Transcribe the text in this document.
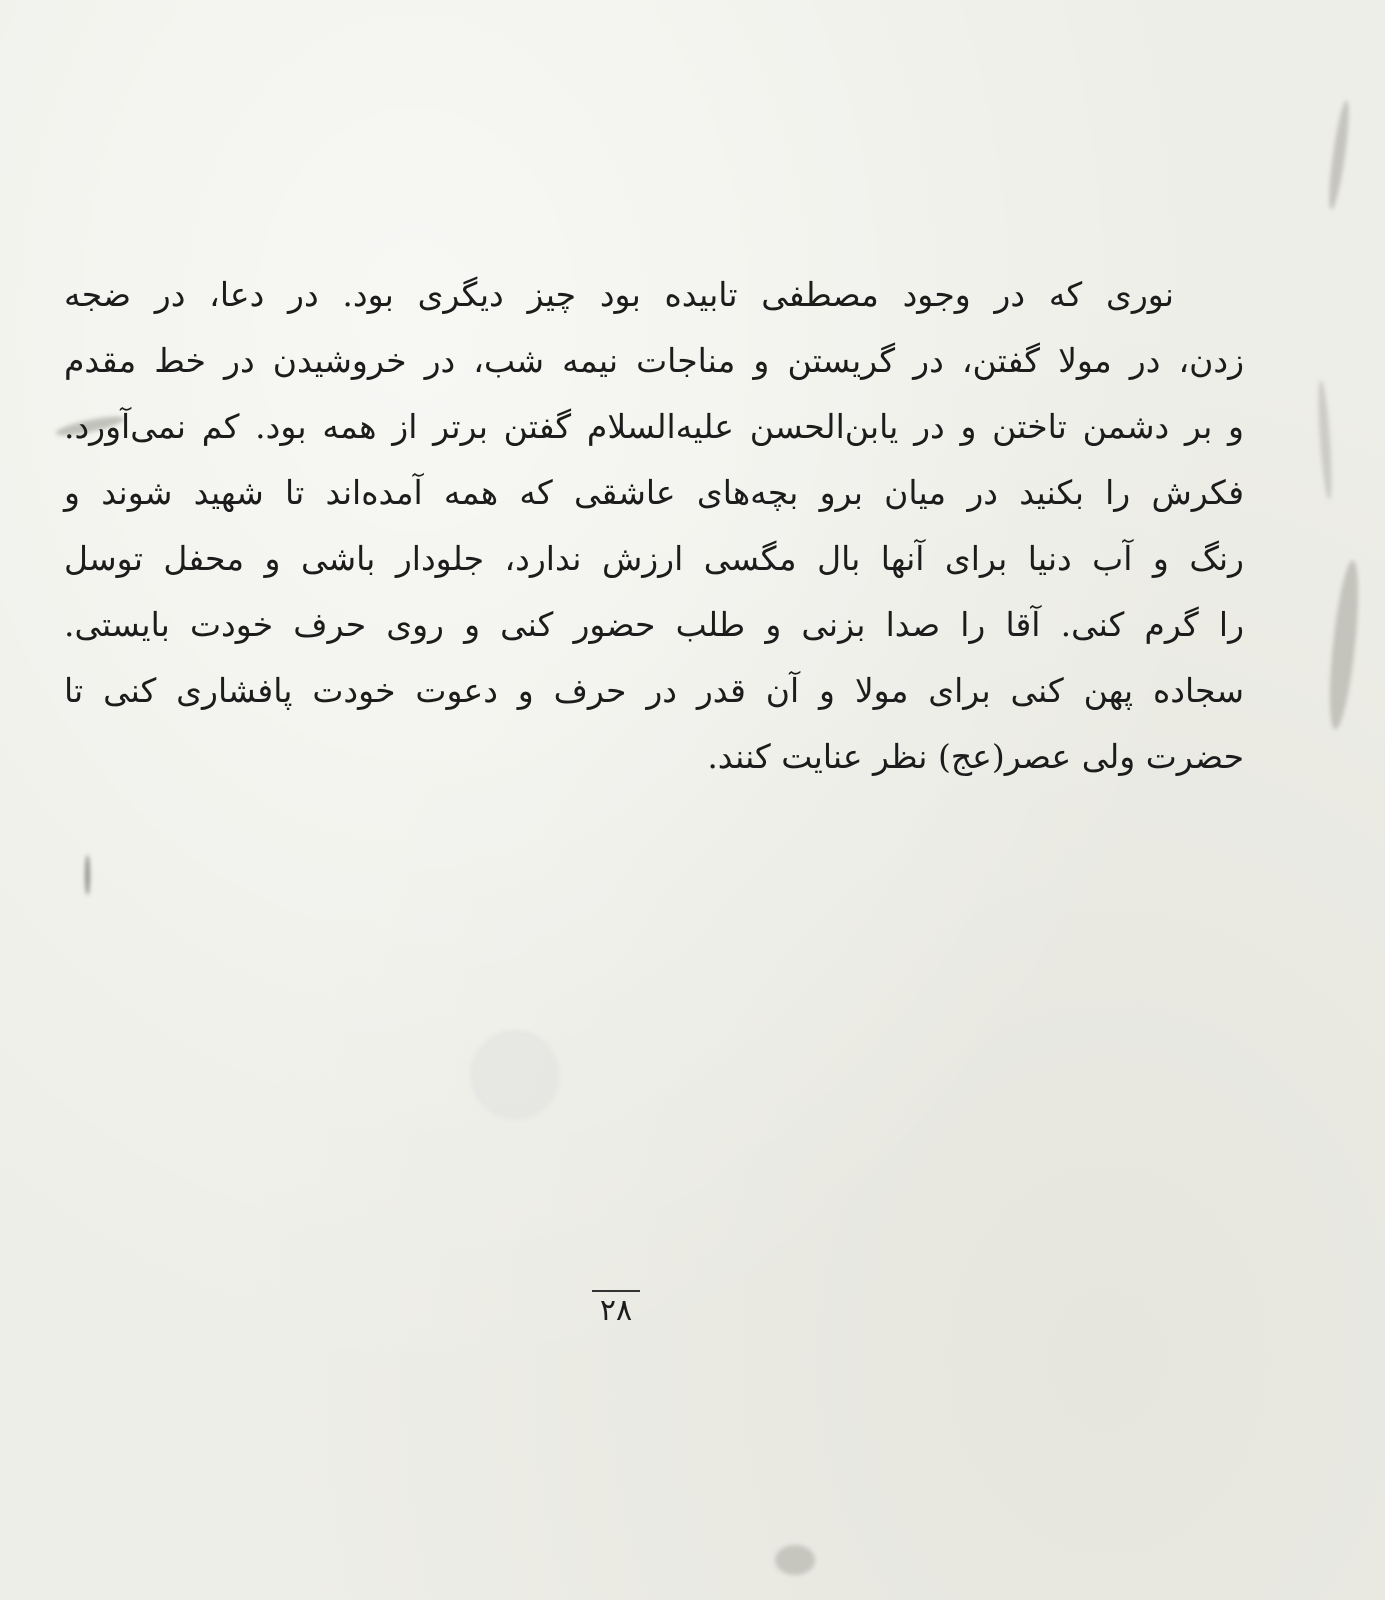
نوری که در وجود مصطفی تابیده بود چیز دیگری بود. در دعا، در ضجه
زدن، در مولا گفتن، در گریستن و مناجات نیمه شب، در خروشیدن در خط مقدم
و بر دشمن تاختن و در یابن‌الحسن علیه‌السلام گفتن برتر از همه بود. کم نمی‌آورد.
فکرش را بکنید در میان برو بچه‌های عاشقی که همه آمده‌اند تا شهید شوند و
رنگ و آب دنیا برای آنها بال مگسی ارزش ندارد، جلودار باشی و محفل توسل
را گرم کنی. آقا را صدا بزنی و طلب حضور کنی و روی حرف خودت بایستی.
سجاده پهن کنی برای مولا و آن قدر در حرف و دعوت خودت پافشاری کنی تا
حضرت ولی عصر(عج) نظر عنایت کنند.
۲۸
